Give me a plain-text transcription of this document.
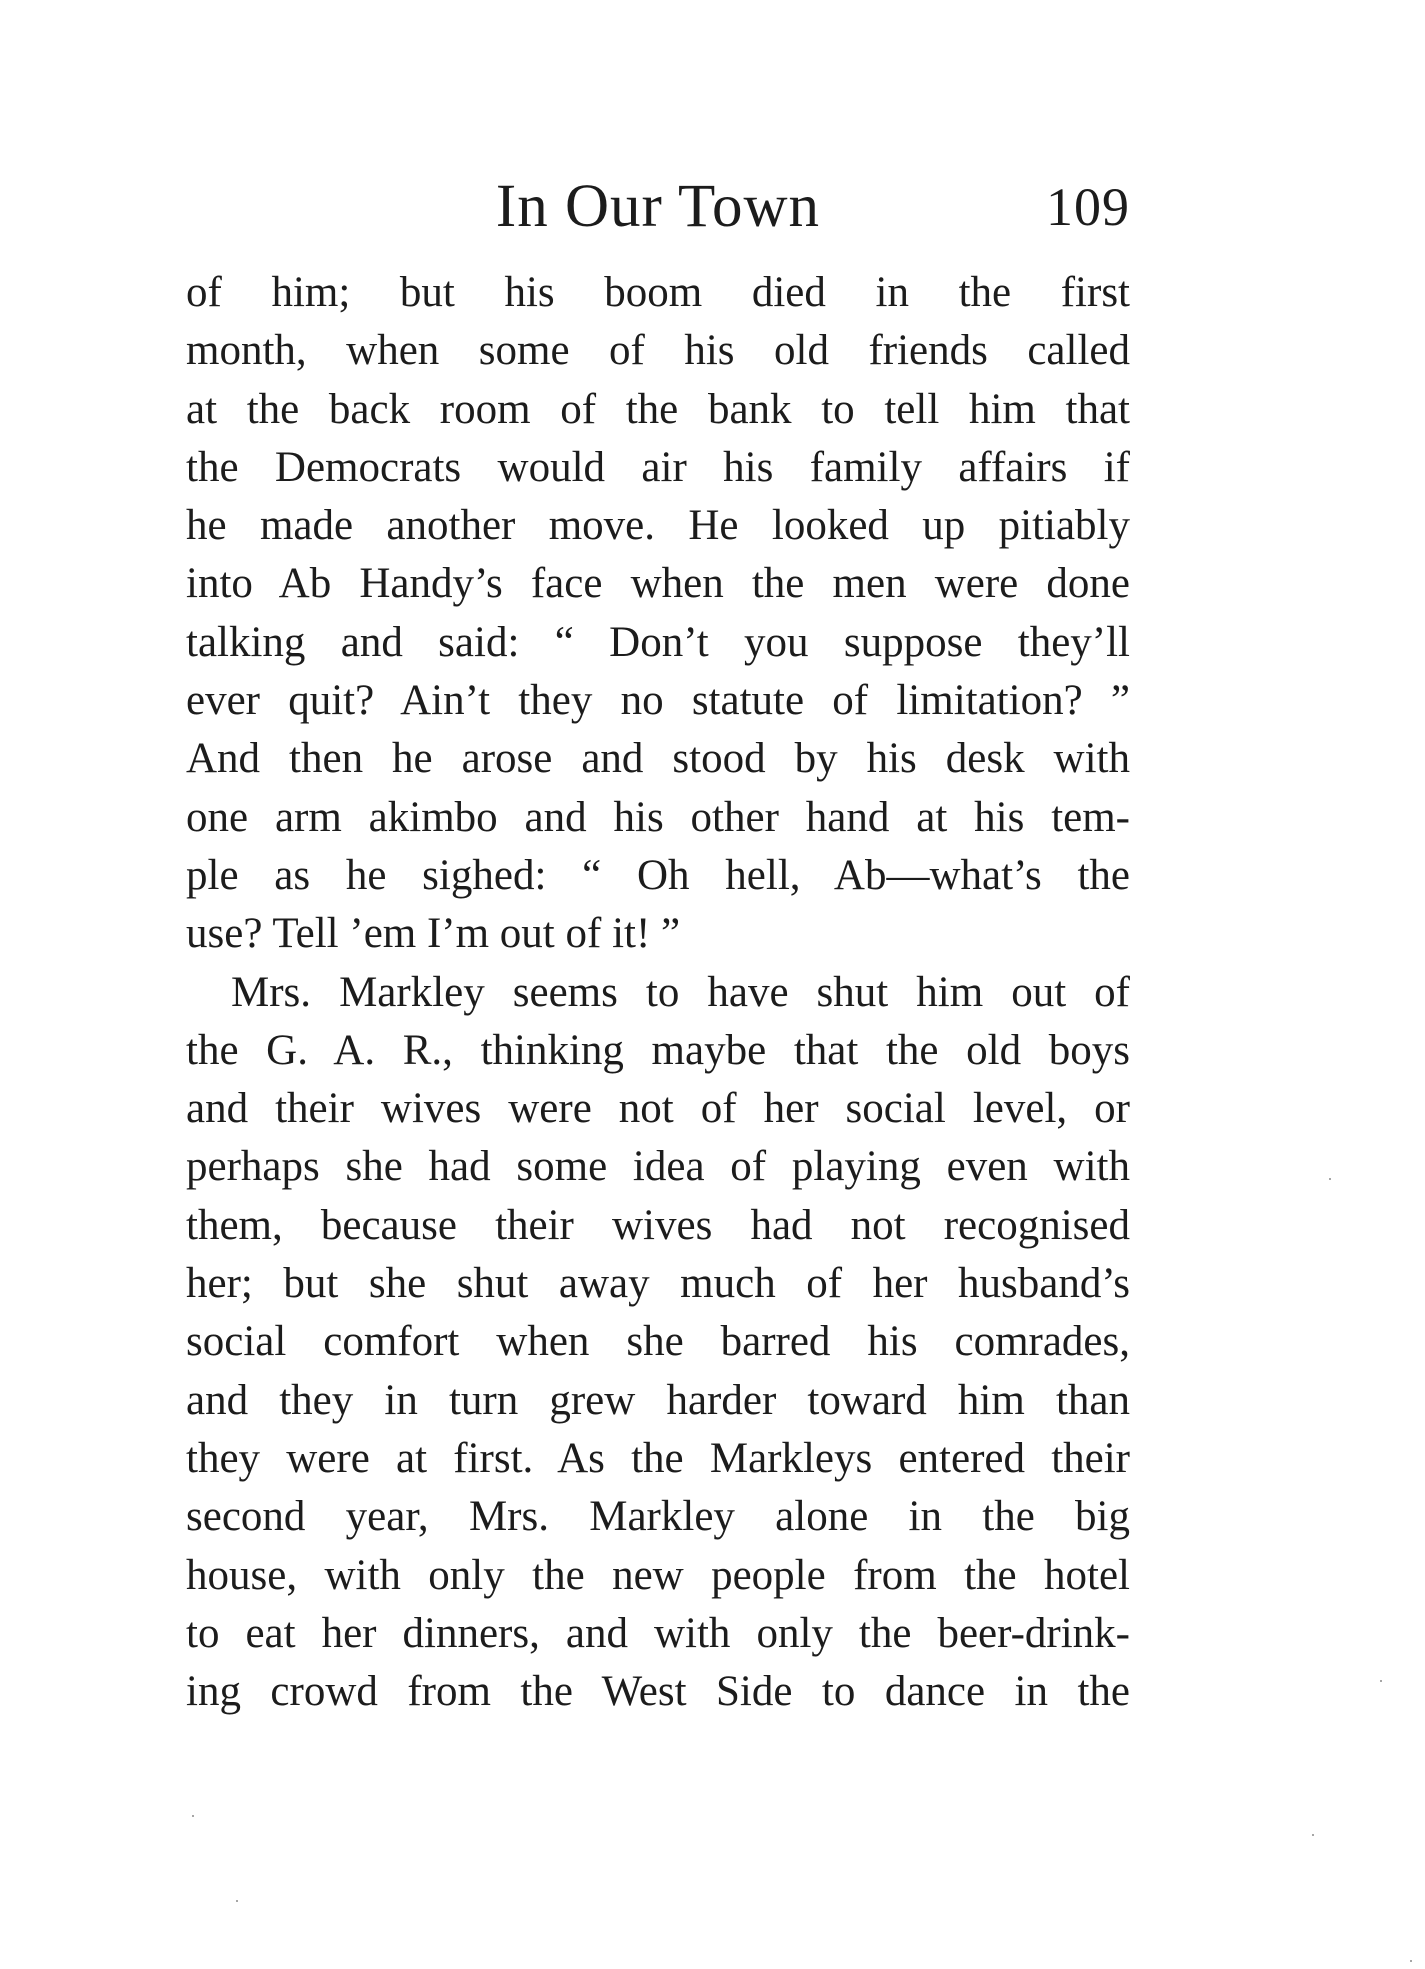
In Our Town	109
of him; but his boom died in the first
month, when some of his old friends called
at the back room of the bank to tell him that
the Democrats would air his family affairs if
he made another move. He looked up pitiably
into Ab Handy’s face when the men were done
talking and said: “ Don’t you suppose they’ll
ever quit? Ain’t they no statute of limitation? ”
And then he arose and stood by his desk with
one arm akimbo and his other hand at his tem-
ple as he sighed: “ Oh hell, Ab—what’s the
use? Tell ’em I’m out of it! ”
Mrs. Markley seems to have shut him out of
the G. A. R., thinking maybe that the old boys
and their wives were not of her social level, or
perhaps she had some idea of playing even with
them, because their wives had not recognised
her; but she shut away much of her husband’s
social comfort when she barred his comrades,
and they in turn grew harder toward him than
they were at first. As the Markleys entered their
second year, Mrs. Markley alone in the big
house, with only the new people from the hotel
to eat her dinners, and with only the beer-drink-
ing crowd from the West Side to dance in the
